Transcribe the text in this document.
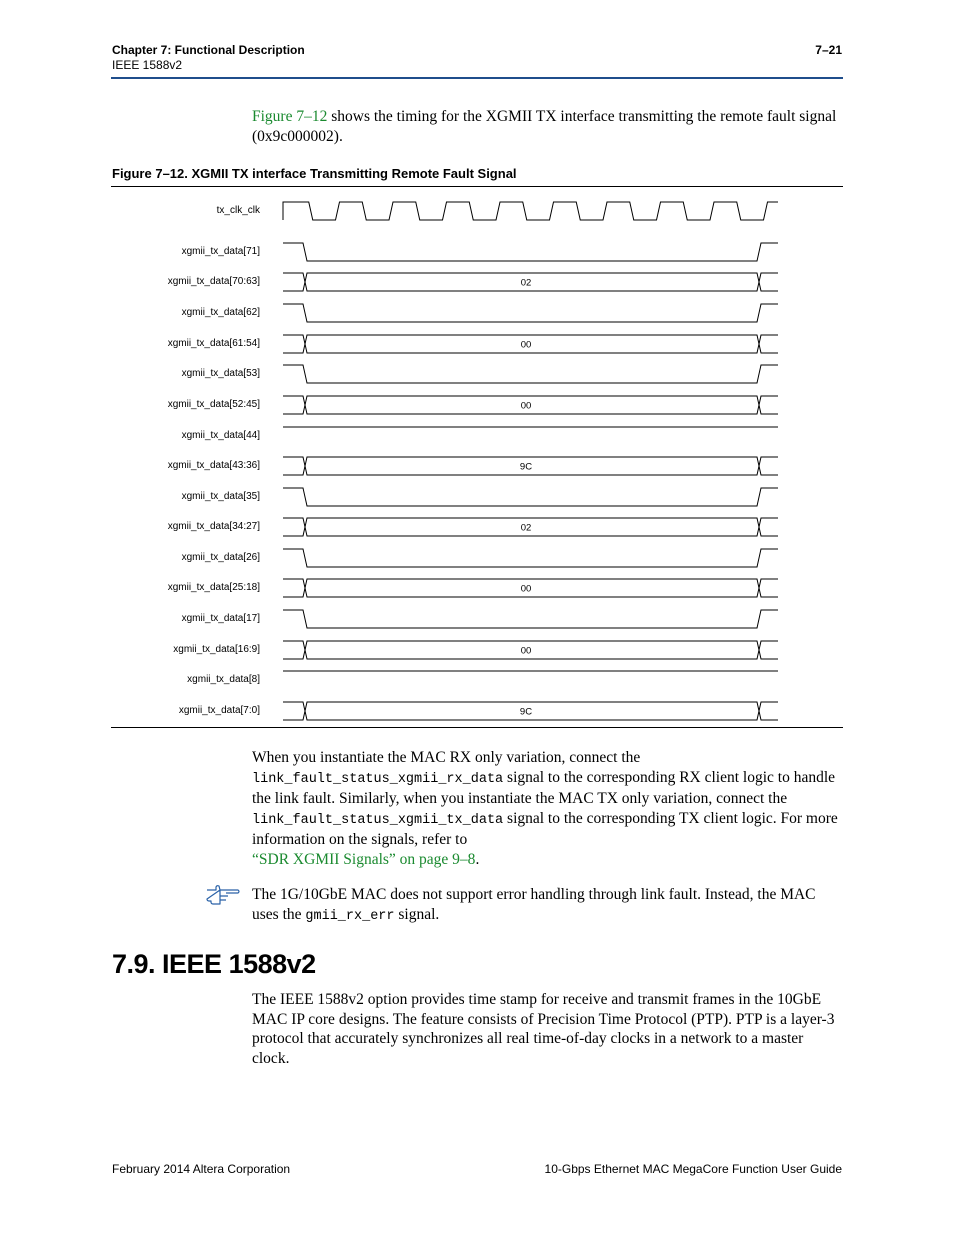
Chapter 7: Functional Description
IEEE 1588v2
7–21
Figure 7–12 shows the timing for the XGMII TX interface transmitting the remote fault signal (0x9c000002).
Figure 7–12. XGMII TX interface Transmitting Remote Fault Signal
tx_clk_clk
xgmii_tx_data[71]
xgmii_tx_data[70:63]
xgmii_tx_data[62]
xgmii_tx_data[61:54]
xgmii_tx_data[53]
xgmii_tx_data[52:45]
xgmii_tx_data[44]
xgmii_tx_data[43:36]
xgmii_tx_data[35]
xgmii_tx_data[34:27]
xgmii_tx_data[26]
xgmii_tx_data[25:18]
xgmii_tx_data[17]
xgmii_tx_data[16:9]
xgmii_tx_data[8]
xgmii_tx_data[7:0]
02
00
00
9C
02
00
00
9C
When you instantiate the MAC RX only variation, connect the
link_fault_status_xgmii_rx_data signal to the corresponding RX client logic to handle the link fault. Similarly, when you instantiate the MAC TX only variation, connect the link_fault_status_xgmii_tx_data signal to the corresponding TX client logic. For more information on the signals, refer to
“SDR XGMII Signals” on page 9–8.
The 1G/10GbE MAC does not support error handling through link fault. Instead, the MAC uses the gmii_rx_err signal.
7.9. IEEE 1588v2
The IEEE 1588v2 option provides time stamp for receive and transmit frames in the 10GbE MAC IP core designs. The feature consists of Precision Time Protocol (PTP). PTP is a layer-3 protocol that accurately synchronizes all real time-of-day clocks in a network to a master clock.
February 2014 Altera Corporation	10-Gbps Ethernet MAC MegaCore Function User Guide
